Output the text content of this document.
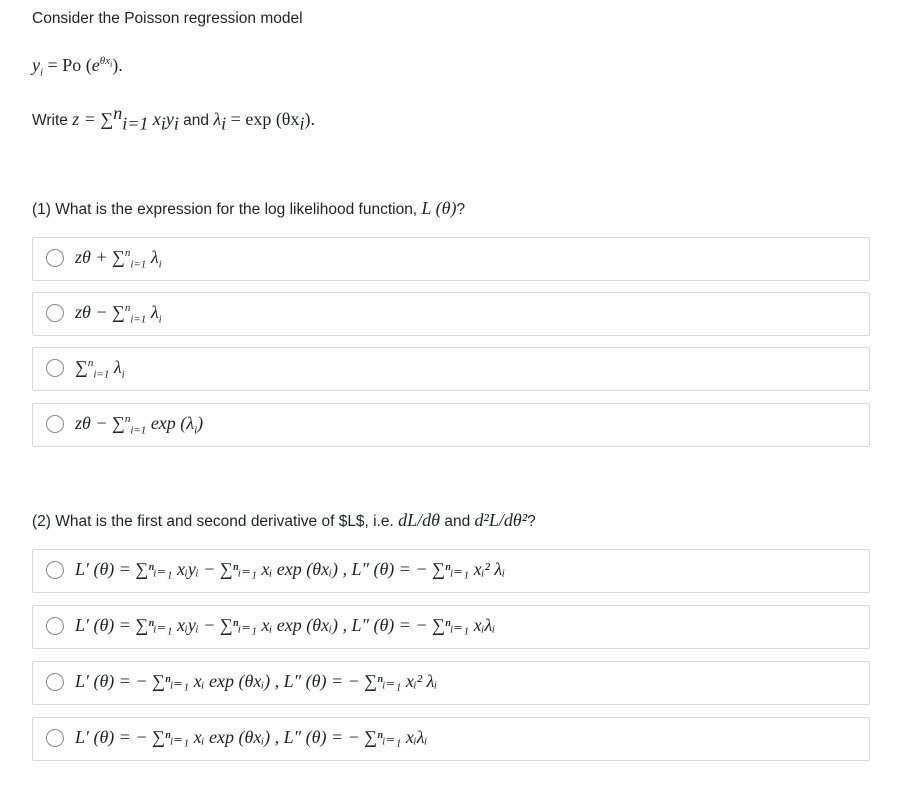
Consider the Poisson regression model
$y_i = Po$ $(e^{\theta x_i})$.
Write z = ∑$^n_{i=1}$ $x_iy_i$ and $\lambda_i = \exp (\theta x_i)$.
(1) What is the expression for the log likelihood function, L (θ)?
zθ + ∑$^n_{i=1}$ $\lambda_i$
zθ − ∑$^n_{i=1}$ $\lambda_i$
∑$^n_{i=1}$ $\lambda_i$
zθ − ∑$^n_{i=1}$ $\exp (\lambda_i)$
(2) What is the first and second derivative of $L$, i.e. dL/dθ and d²L/dθ²?
L′ (θ) = ∑ⁿᵢ₌₁ xᵢyᵢ − ∑ⁿᵢ₌₁ xᵢ exp (θxᵢ) , L″ (θ) = − ∑ⁿᵢ₌₁ xᵢ² λᵢ
L′ (θ) = ∑ⁿᵢ₌₁ xᵢyᵢ − ∑ⁿᵢ₌₁ xᵢ exp (θxᵢ) , L″ (θ) = − ∑ⁿᵢ₌₁ xᵢλᵢ
L′ (θ) = − ∑ⁿᵢ₌₁ xᵢ exp (θxᵢ) , L″ (θ) = − ∑ⁿᵢ₌₁ xᵢ² λᵢ
L′ (θ) = − ∑ⁿᵢ₌₁ xᵢ exp (θxᵢ) , L″ (θ) = − ∑ⁿᵢ₌₁ xᵢλᵢ
